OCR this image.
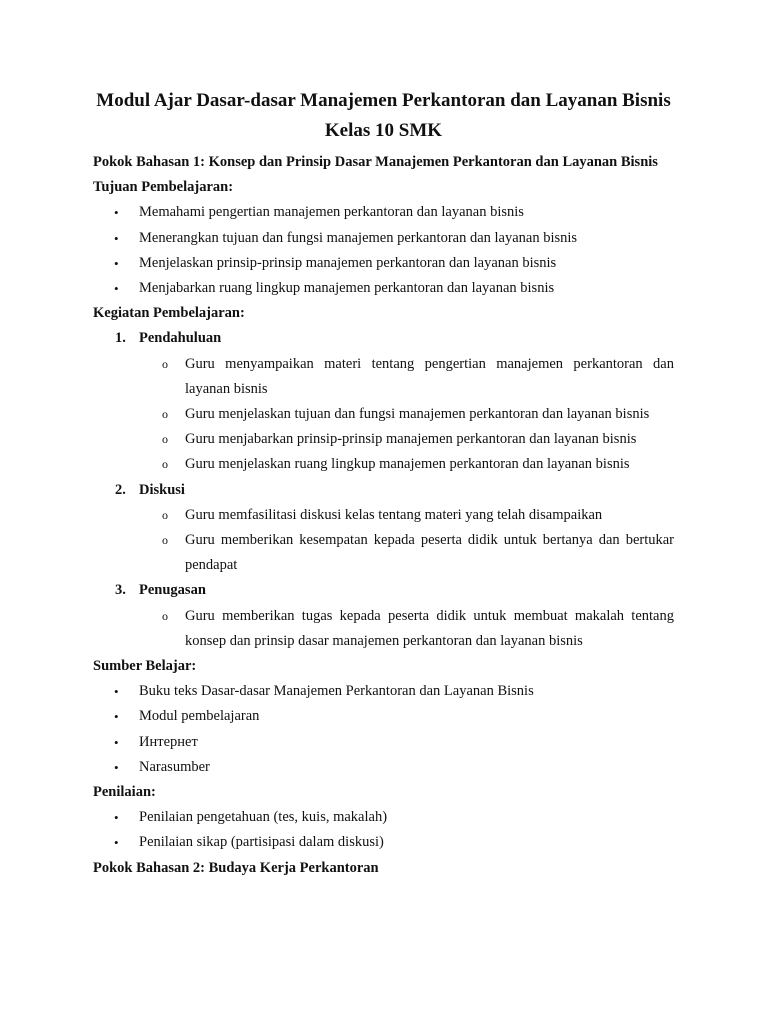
Modul Ajar Dasar-dasar Manajemen Perkantoran dan Layanan Bisnis Kelas 10 SMK

Pokok Bahasan 1: Konsep dan Prinsip Dasar Manajemen Perkantoran dan Layanan Bisnis

Tujuan Pembelajaran:

• Memahami pengertian manajemen perkantoran dan layanan bisnis
• Menerangkan tujuan dan fungsi manajemen perkantoran dan layanan bisnis
• Menjelaskan prinsip-prinsip manajemen perkantoran dan layanan bisnis
• Menjabarkan ruang lingkup manajemen perkantoran dan layanan bisnis

Kegiatan Pembelajaran:

1. Pendahuluan
o Guru menyampaikan materi tentang pengertian manajemen perkantoran dan layanan bisnis
o Guru menjelaskan tujuan dan fungsi manajemen perkantoran dan layanan bisnis
o Guru menjabarkan prinsip-prinsip manajemen perkantoran dan layanan bisnis
o Guru menjelaskan ruang lingkup manajemen perkantoran dan layanan bisnis
2. Diskusi
o Guru memfasilitasi diskusi kelas tentang materi yang telah disampaikan
o Guru memberikan kesempatan kepada peserta didik untuk bertanya dan bertukar pendapat
3. Penugasan
o Guru memberikan tugas kepada peserta didik untuk membuat makalah tentang konsep dan prinsip dasar manajemen perkantoran dan layanan bisnis

Sumber Belajar:

• Buku teks Dasar-dasar Manajemen Perkantoran dan Layanan Bisnis
• Modul pembelajaran
• Интернет
• Narasumber

Penilaian:

• Penilaian pengetahuan (tes, kuis, makalah)
• Penilaian sikap (partisipasi dalam diskusi)

Pokok Bahasan 2: Budaya Kerja Perkantoran
